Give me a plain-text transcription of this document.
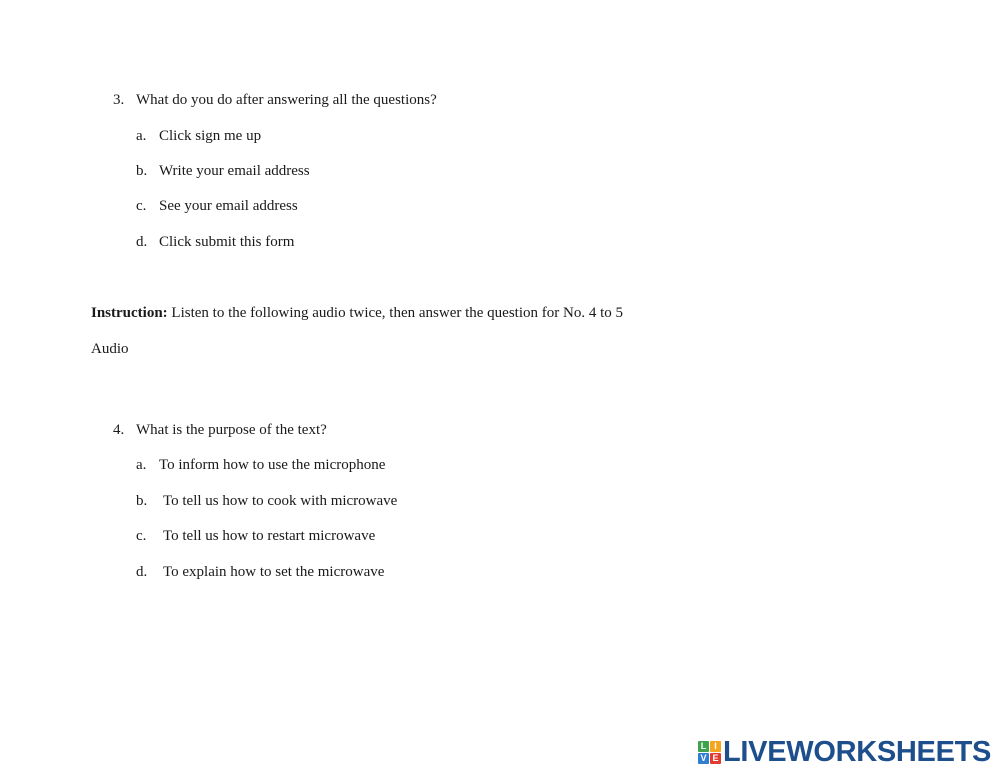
3. What do you do after answering all the questions?
a. Click sign me up
b. Write your email address
c. See your email address
d. Click submit this form
Instruction: Listen to the following audio twice, then answer the question for No. 4 to 5
Audio
4. What is the purpose of the text?
a. To inform how to use the microphone
b.	To tell us how to cook with microwave
c.	To tell us how to restart microwave
d.	To explain how to set the microwave
L I
V E LIVEWORKSHEETS
